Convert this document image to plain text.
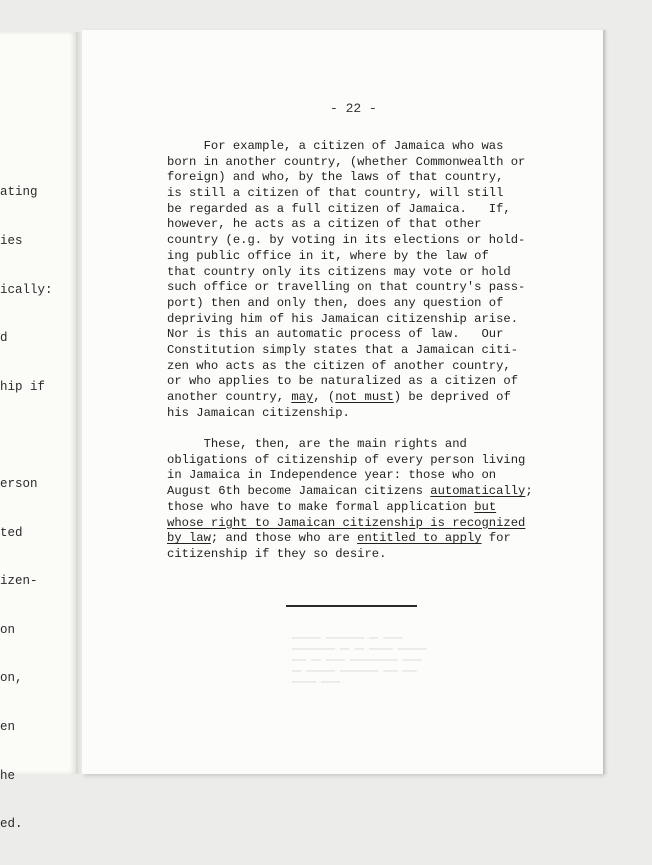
ating

ies

ically:

d

hip if

erson

ted

izen-

on

on,

en

he

ed.

- 22 -
For example, a citizen of Jamaica who was
born in another country, (whether Commonwealth or
foreign) and who, by the laws of that country,
is still a citizen of that country, will still
be regarded as a full citizen of Jamaica.   If,
however, he acts as a citizen of that other
country (e.g. by voting in its elections or hold-
ing public office in it, where by the law of
that country only its citizens may vote or hold
such office or travelling on that country's pass-
port) then and only then, does any question of
depriving him of his Jamaican citizenship arise.
Nor is this an automatic process of law.   Our
Constitution simply states that a Jamaican citi-
zen who acts as the citizen of another country,
or who applies to be naturalized as a citizen of
another country, may, (not must) be deprived of
his Jamaican citizenship.
These, then, are the main rights and
obligations of citizenship of every person living
in Jamaica in Independence year: those who on
August 6th become Jamaican citizens automatically;
those who have to make formal application but
whose right to Jamaican citizenship is recognized
by law; and those who are entitled to apply for
citizenship if they so desire.
▬▬▬▬▬▬ ▬▬▬▬▬▬▬▬ ▬▬ ▬▬▬▬
▬▬▬▬▬▬▬▬▬ ▬▬ ▬▬ ▬▬▬▬▬ ▬▬▬▬▬▬
▬▬▬ ▬▬ ▬▬▬▬ ▬▬▬▬▬▬▬▬▬▬ ▬▬▬▬
▬▬ ▬▬▬▬▬▬ ▬▬▬▬▬▬▬▬ ▬▬▬ ▬▬▬
▬▬▬▬▬ ▬▬▬▬
